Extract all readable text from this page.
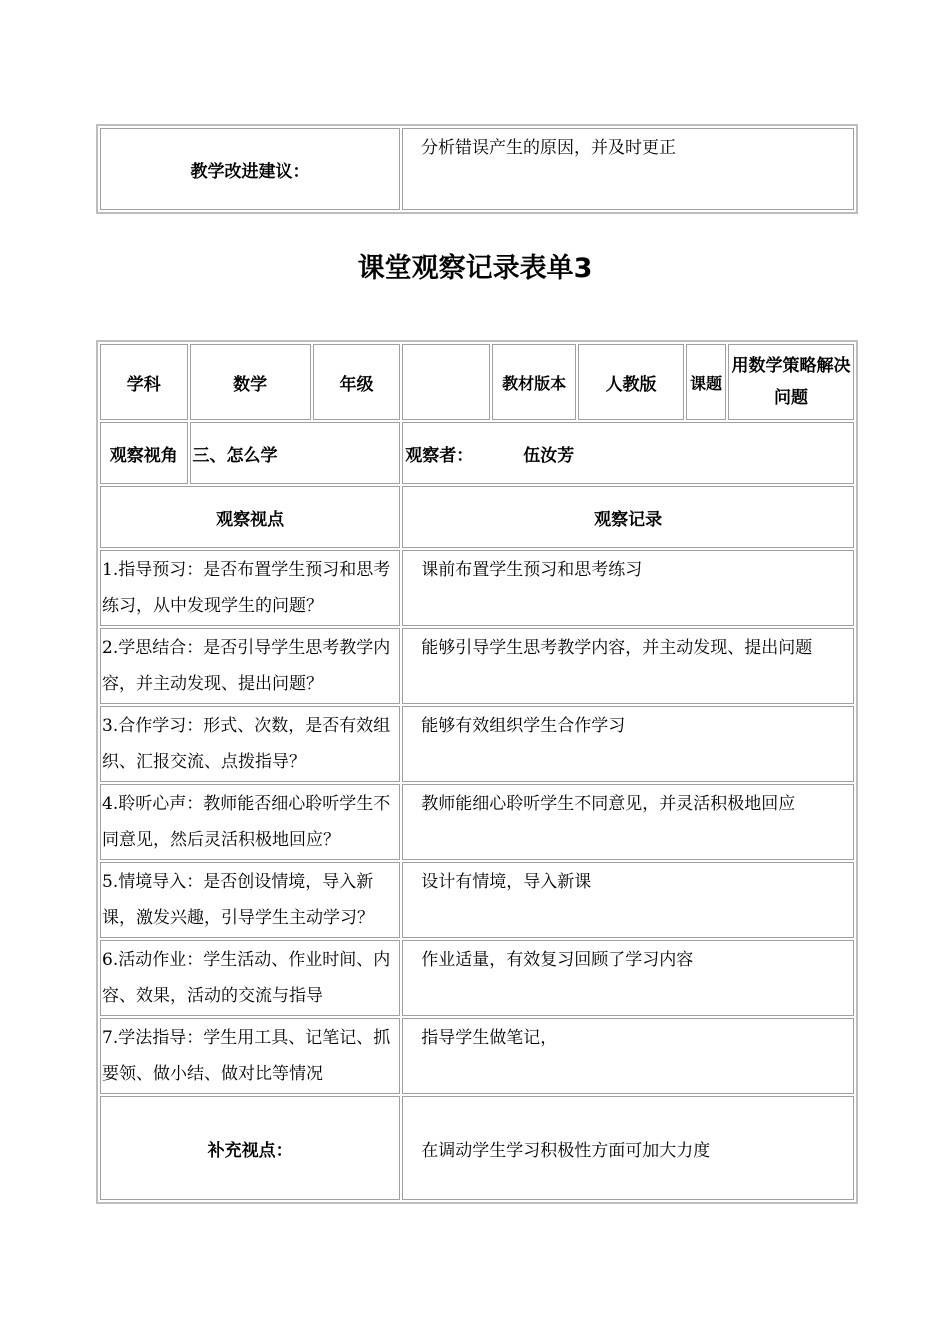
教学改进建议：	分析错误产生的原因，并及时更正
课堂观察记录表单3
学科	数学	年级		教材版本	人教版	课题	用数学策略解决问题
观察视角	三、怎么学		观察者： 伍汝芳				
观察视点			观察记录				
1.指导预习：是否布置学生预习和思考练习，从中发现学生的问题？			课前布置学生预习和思考练习				
2.学思结合：是否引导学生思考教学内容，并主动发现、提出问题？			能够引导学生思考教学内容，并主动发现、提出问题				
3.合作学习：形式、次数，是否有效组织、汇报交流、点拨指导？			能够有效组织学生合作学习				
4.聆听心声：教师能否细心聆听学生不同意见，然后灵活积极地回应？			教师能细心聆听学生不同意见，并灵活积极地回应				
5.情境导入：是否创设情境，导入新课，激发兴趣，引导学生主动学习？			设计有情境，导入新课				
6.活动作业：学生活动、作业时间、内容、效果，活动的交流与指导			作业适量，有效复习回顾了学习内容				
7.学法指导：学生用工具、记笔记、抓要领、做小结、做对比等情况			指导学生做笔记，				
补充视点：			在调动学生学习积极性方面可加大力度				
